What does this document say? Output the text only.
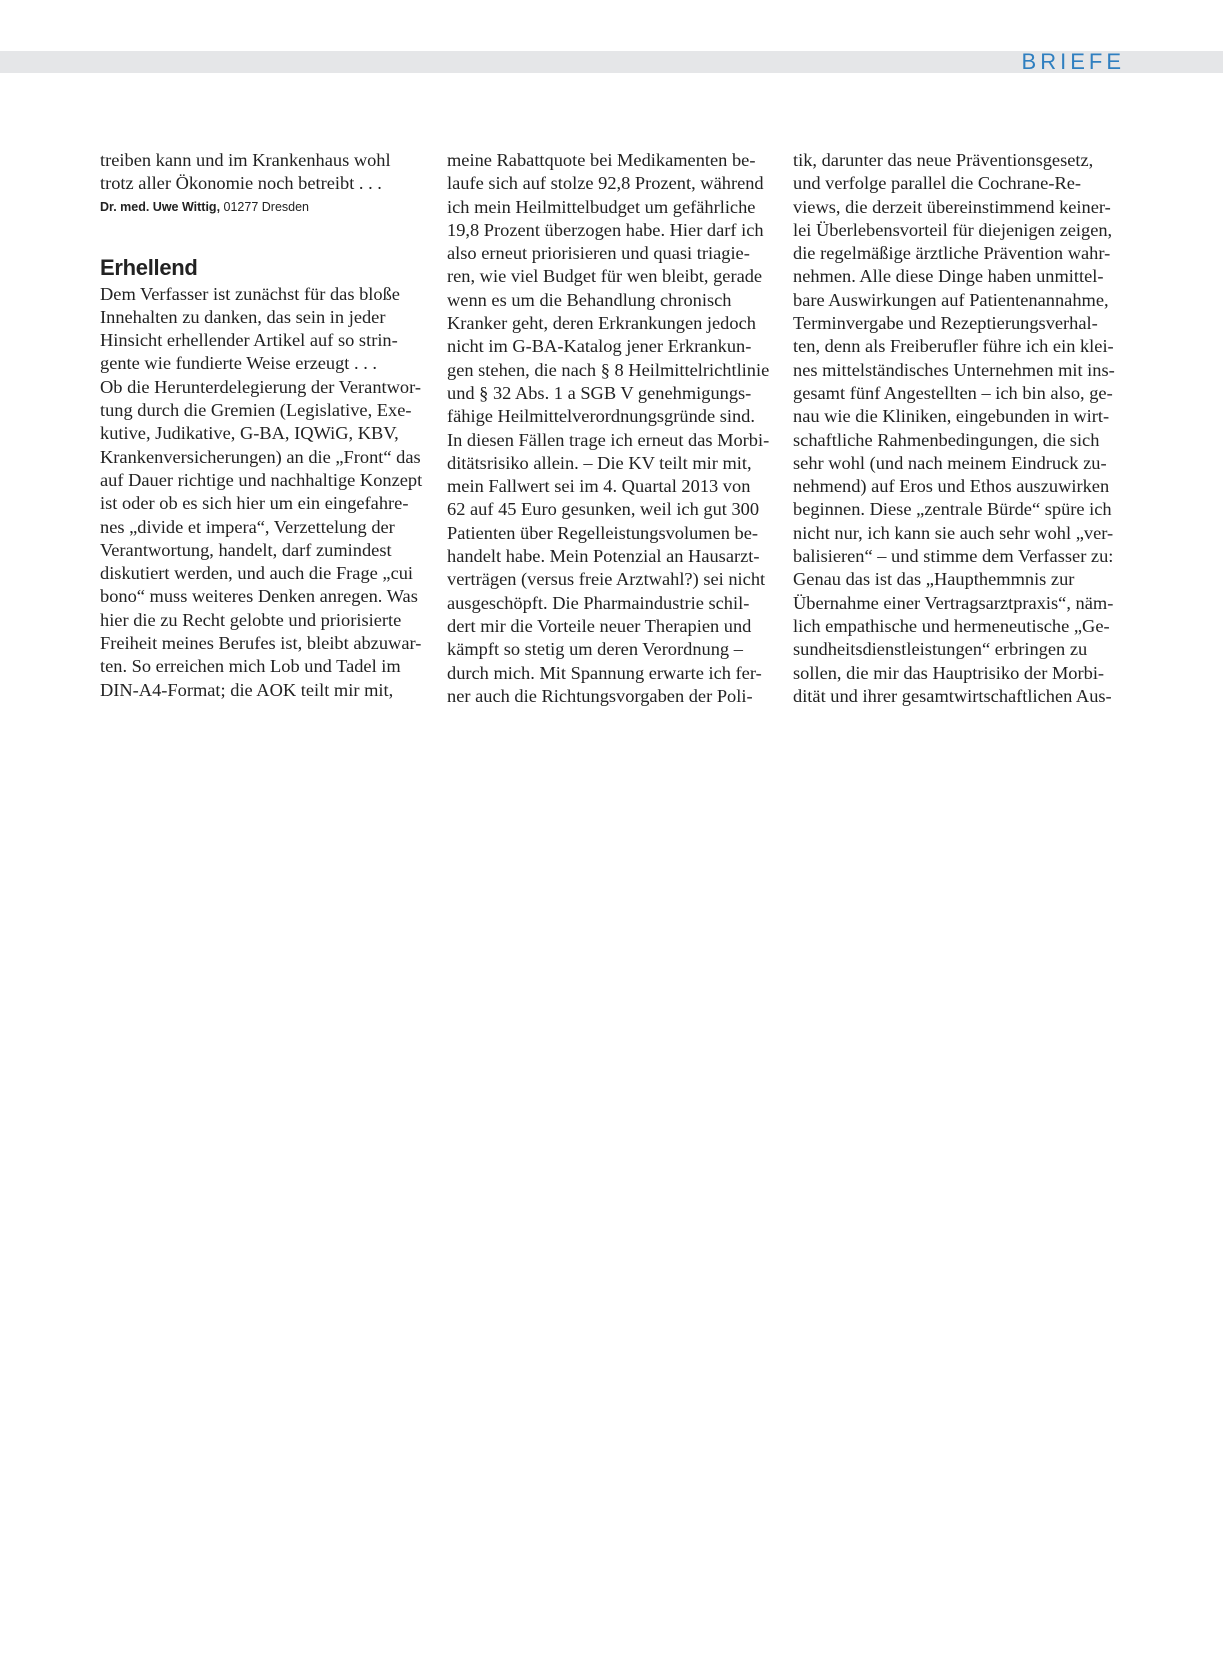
BRIEFE
treiben kann und im Krankenhaus wohl
trotz aller Ökonomie noch betreibt . . .
Dr. med. Uwe Wittig, 01277 Dresden
Erhellend
Dem Verfasser ist zunächst für das bloße
Innehalten zu danken, das sein in jeder
Hinsicht erhellender Artikel auf so strin-
gente wie fundierte Weise erzeugt . . .
Ob die Herunterdelegierung der Verantwor-
tung durch die Gremien (Legislative, Exe-
kutive, Judikative, G-BA, IQWiG, KBV,
Krankenversicherungen) an die „Front“ das
auf Dauer richtige und nachhaltige Konzept
ist oder ob es sich hier um ein eingefahre-
nes „divide et impera“, Verzettelung der
Verantwortung, handelt, darf zumindest
diskutiert werden, und auch die Frage „cui
bono“ muss weiteres Denken anregen. Was
hier die zu Recht gelobte und priorisierte
Freiheit meines Berufes ist, bleibt abzuwar-
ten. So erreichen mich Lob und Tadel im
DIN-A4-Format; die AOK teilt mir mit,
meine Rabattquote bei Medikamenten be-
laufe sich auf stolze 92,8 Prozent, während
ich mein Heilmittelbudget um gefährliche
19,8 Prozent überzogen habe. Hier darf ich
also erneut priorisieren und quasi triagie-
ren, wie viel Budget für wen bleibt, gerade
wenn es um die Behandlung chronisch
Kranker geht, deren Erkrankungen jedoch
nicht im G-BA-Katalog jener Erkrankun-
gen stehen, die nach § 8 Heilmittelrichtlinie
und § 32 Abs. 1 a SGB V genehmigungs-
fähige Heilmittelverordnungsgründe sind.
In diesen Fällen trage ich erneut das Morbi-
ditätsrisiko allein. – Die KV teilt mir mit,
mein Fallwert sei im 4. Quartal 2013 von
62 auf 45 Euro gesunken, weil ich gut 300
Patienten über Regelleistungsvolumen be-
handelt habe. Mein Potenzial an Hausarzt-
verträgen (versus freie Arztwahl?) sei nicht
ausgeschöpft. Die Pharmaindustrie schil-
dert mir die Vorteile neuer Therapien und
kämpft so stetig um deren Verordnung –
durch mich. Mit Spannung erwarte ich fer-
ner auch die Richtungsvorgaben der Poli-
tik, darunter das neue Präventionsgesetz,
und verfolge parallel die Cochrane-Re-
views, die derzeit übereinstimmend keiner-
lei Überlebensvorteil für diejenigen zeigen,
die regelmäßige ärztliche Prävention wahr-
nehmen. Alle diese Dinge haben unmittel-
bare Auswirkungen auf Patientenannahme,
Terminvergabe und Rezeptierungsverhal-
ten, denn als Freiberufler führe ich ein klei-
nes mittelständisches Unternehmen mit ins-
gesamt fünf Angestellten – ich bin also, ge-
nau wie die Kliniken, eingebunden in wirt-
schaftliche Rahmenbedingungen, die sich
sehr wohl (und nach meinem Eindruck zu-
nehmend) auf Eros und Ethos auszuwirken
beginnen. Diese „zentrale Bürde“ spüre ich
nicht nur, ich kann sie auch sehr wohl „ver-
balisieren“ – und stimme dem Verfasser zu:
Genau das ist das „Haupthemmnis zur
Übernahme einer Vertragsarztpraxis“, näm-
lich empathische und hermeneutische „Ge-
sundheitsdienstleistungen“ erbringen zu
sollen, die mir das Hauptrisiko der Morbi-
dität und ihrer gesamtwirtschaftlichen Aus-
